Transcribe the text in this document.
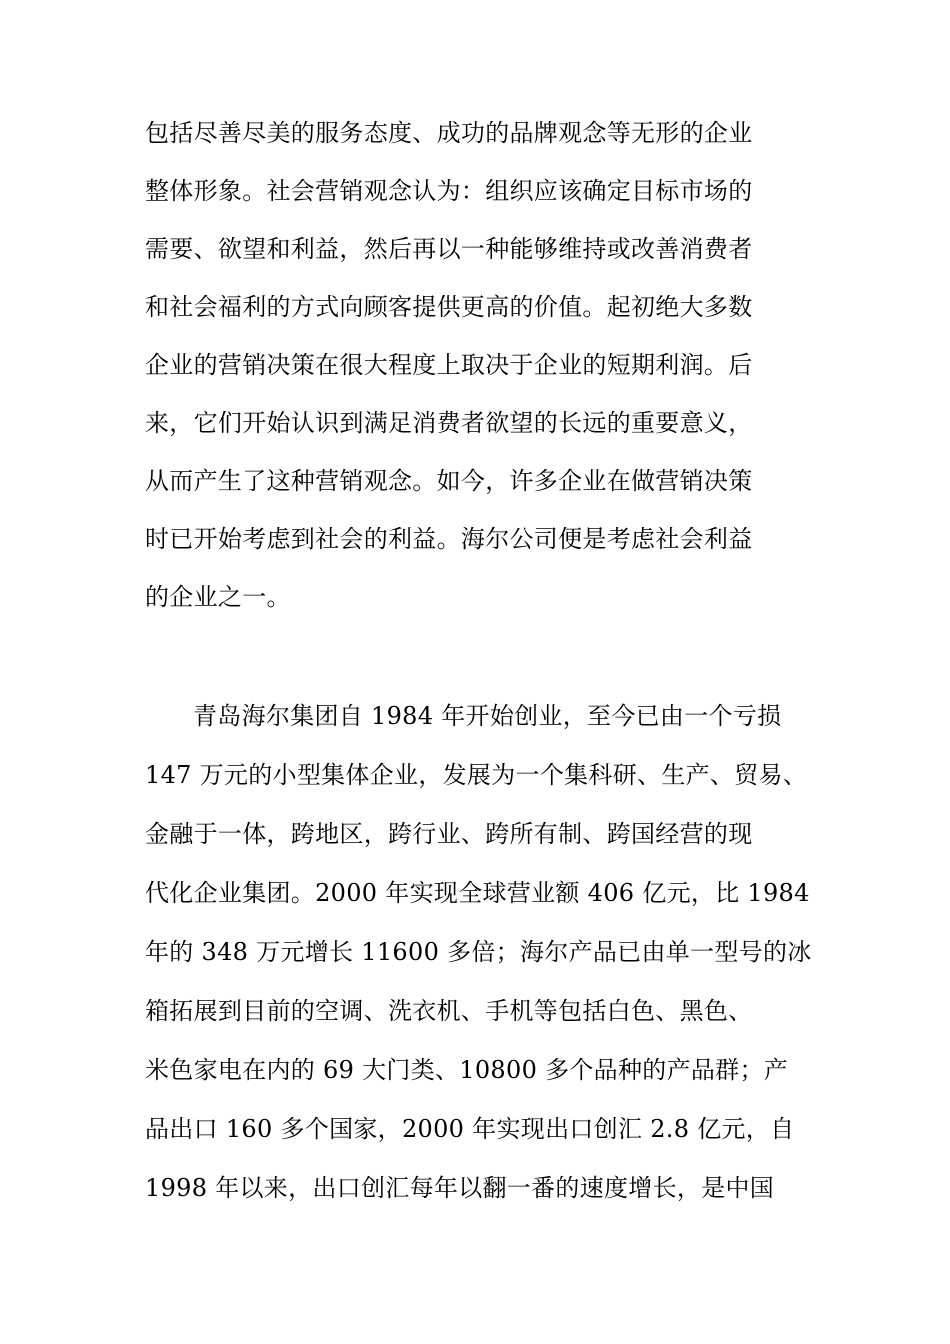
包括尽善尽美的服务态度、成功的品牌观念等无形的企业
整体形象。社会营销观念认为：组织应该确定目标市场的
需要、欲望和利益，然后再以一种能够维持或改善消费者
和社会福利的方式向顾客提供更高的价值。起初绝大多数
企业的营销决策在很大程度上取决于企业的短期利润。后
来，它们开始认识到满足消费者欲望的长远的重要意义，
从而产生了这种营销观念。如今，许多企业在做营销决策
时已开始考虑到社会的利益。海尔公司便是考虑社会利益
的企业之一。
青岛海尔集团自 1984 年开始创业，至今已由一个亏损
147 万元的小型集体企业，发展为一个集科研、生产、贸易、
金融于一体，跨地区，跨行业、跨所有制、跨国经营的现
代化企业集团。2000 年实现全球营业额 406 亿元，比 1984
年的 348 万元增长 11600 多倍；海尔产品已由单一型号的冰
箱拓展到目前的空调、洗衣机、手机等包括白色、黑色、
米色家电在内的 69 大门类、10800 多个品种的产品群；产
品出口 160 多个国家，2000 年实现出口创汇 2.8 亿元，自
1998 年以来，出口创汇每年以翻一番的速度增长，是中国
